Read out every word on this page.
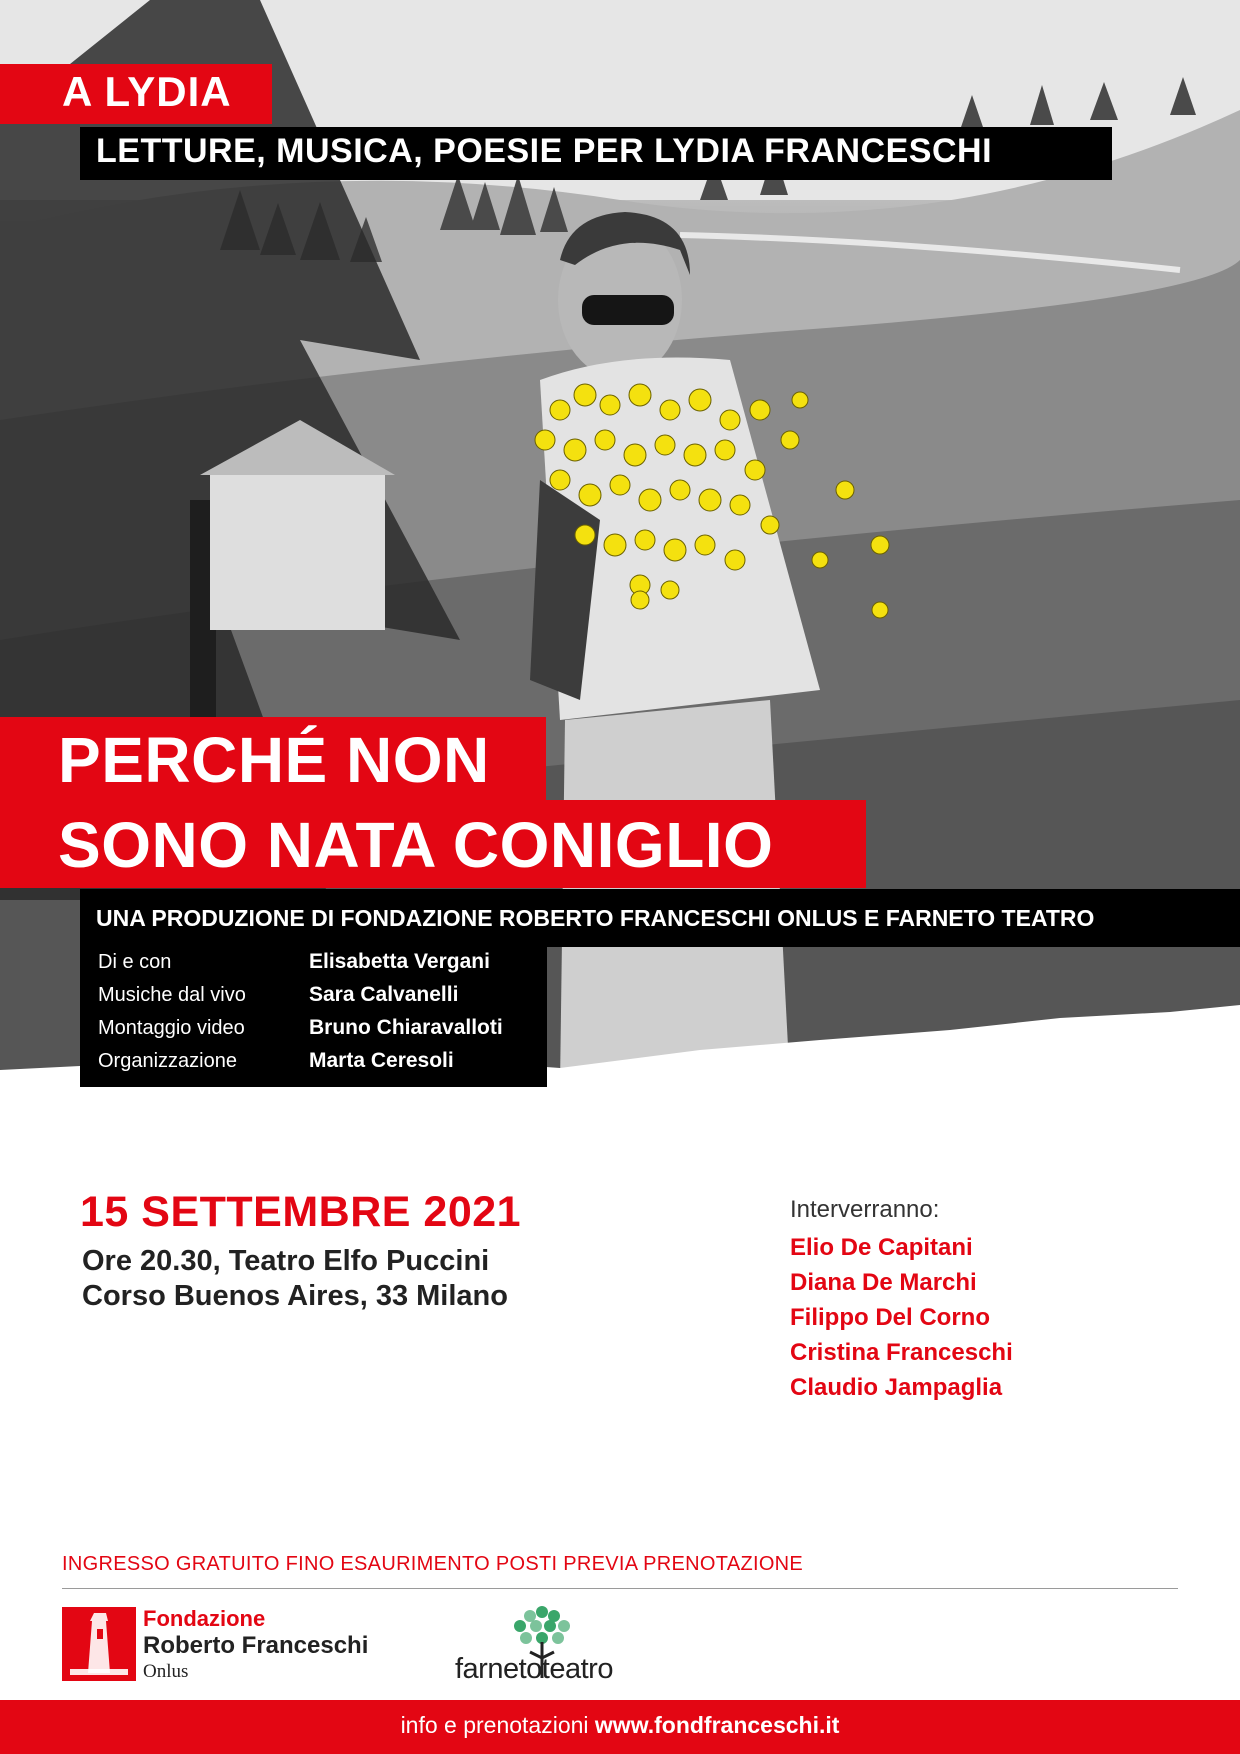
A LYDIA
LETTURE, MUSICA, POESIE PER LYDIA FRANCESCHI
PERCHÉ NON
SONO NATA CONIGLIO
UNA PRODUZIONE DI FONDAZIONE ROBERTO FRANCESCHI ONLUS E FARNETO TEATRO
Di e con	Elisabetta Vergani
Musiche dal vivo	Sara Calvanelli
Montaggio video	Bruno Chiaravalloti
Organizzazione	Marta Ceresoli
15 SETTEMBRE 2021
Ore 20.30, Teatro Elfo Puccini
Corso Buenos Aires, 33 Milano
Interverranno:
Elio De Capitani
Diana De Marchi
Filippo Del Corno
Cristina Franceschi
Claudio Jampaglia
INGRESSO GRATUITO FINO ESAURIMENTO POSTI PREVIA PRENOTAZIONE
Fondazione
Roberto Franceschi
Onlus	farnetoteatro
info e prenotazioni www.fondfranceschi.it
